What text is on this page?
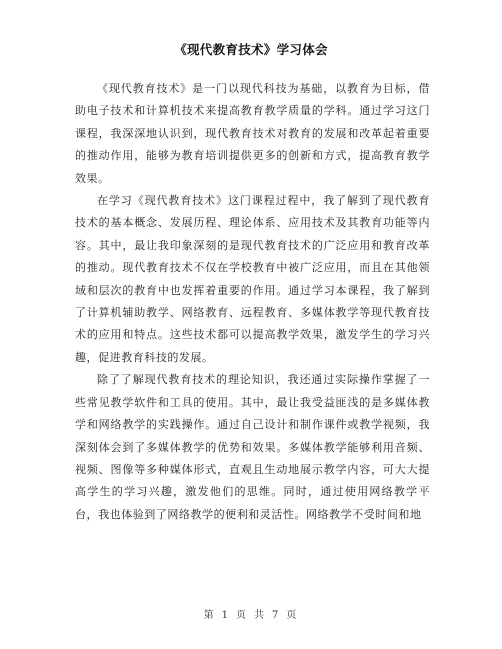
《现代教育技术》学习体会

《现代教育技术》是一门以现代科技为基础，以教育为目标，借助电子技术和计算机技术来提高教育教学质量的学科。通过学习这门课程，我深深地认识到，现代教育技术对教育的发展和改革起着重要的推动作用，能够为教育培训提供更多的创新和方式，提高教育教学效果。

在学习《现代教育技术》这门课程过程中，我了解到了现代教育技术的基本概念、发展历程、理论体系、应用技术及其教育功能等内容。其中，最让我印象深刻的是现代教育技术的广泛应用和教育改革的推动。现代教育技术不仅在学校教育中被广泛应用，而且在其他领域和层次的教育中也发挥着重要的作用。通过学习本课程，我了解到了计算机辅助教学、网络教育、远程教育、多媒体教学等现代教育技术的应用和特点。这些技术都可以提高教学效果，激发学生的学习兴趣，促进教育科技的发展。

除了了解现代教育技术的理论知识，我还通过实际操作掌握了一些常见教学软件和工具的使用。其中，最让我受益匪浅的是多媒体教学和网络教学的实践操作。通过自己设计和制作课件或教学视频，我深刻体会到了多媒体教学的优势和效果。多媒体教学能够利用音频、视频、图像等多种媒体形式，直观且生动地展示教学内容，可大大提高学生的学习兴趣，激发他们的思维。同时，通过使用网络教学平台，我也体验到了网络教学的便利和灵活性。网络教学不受时间和地

第 1 页 共 7 页
